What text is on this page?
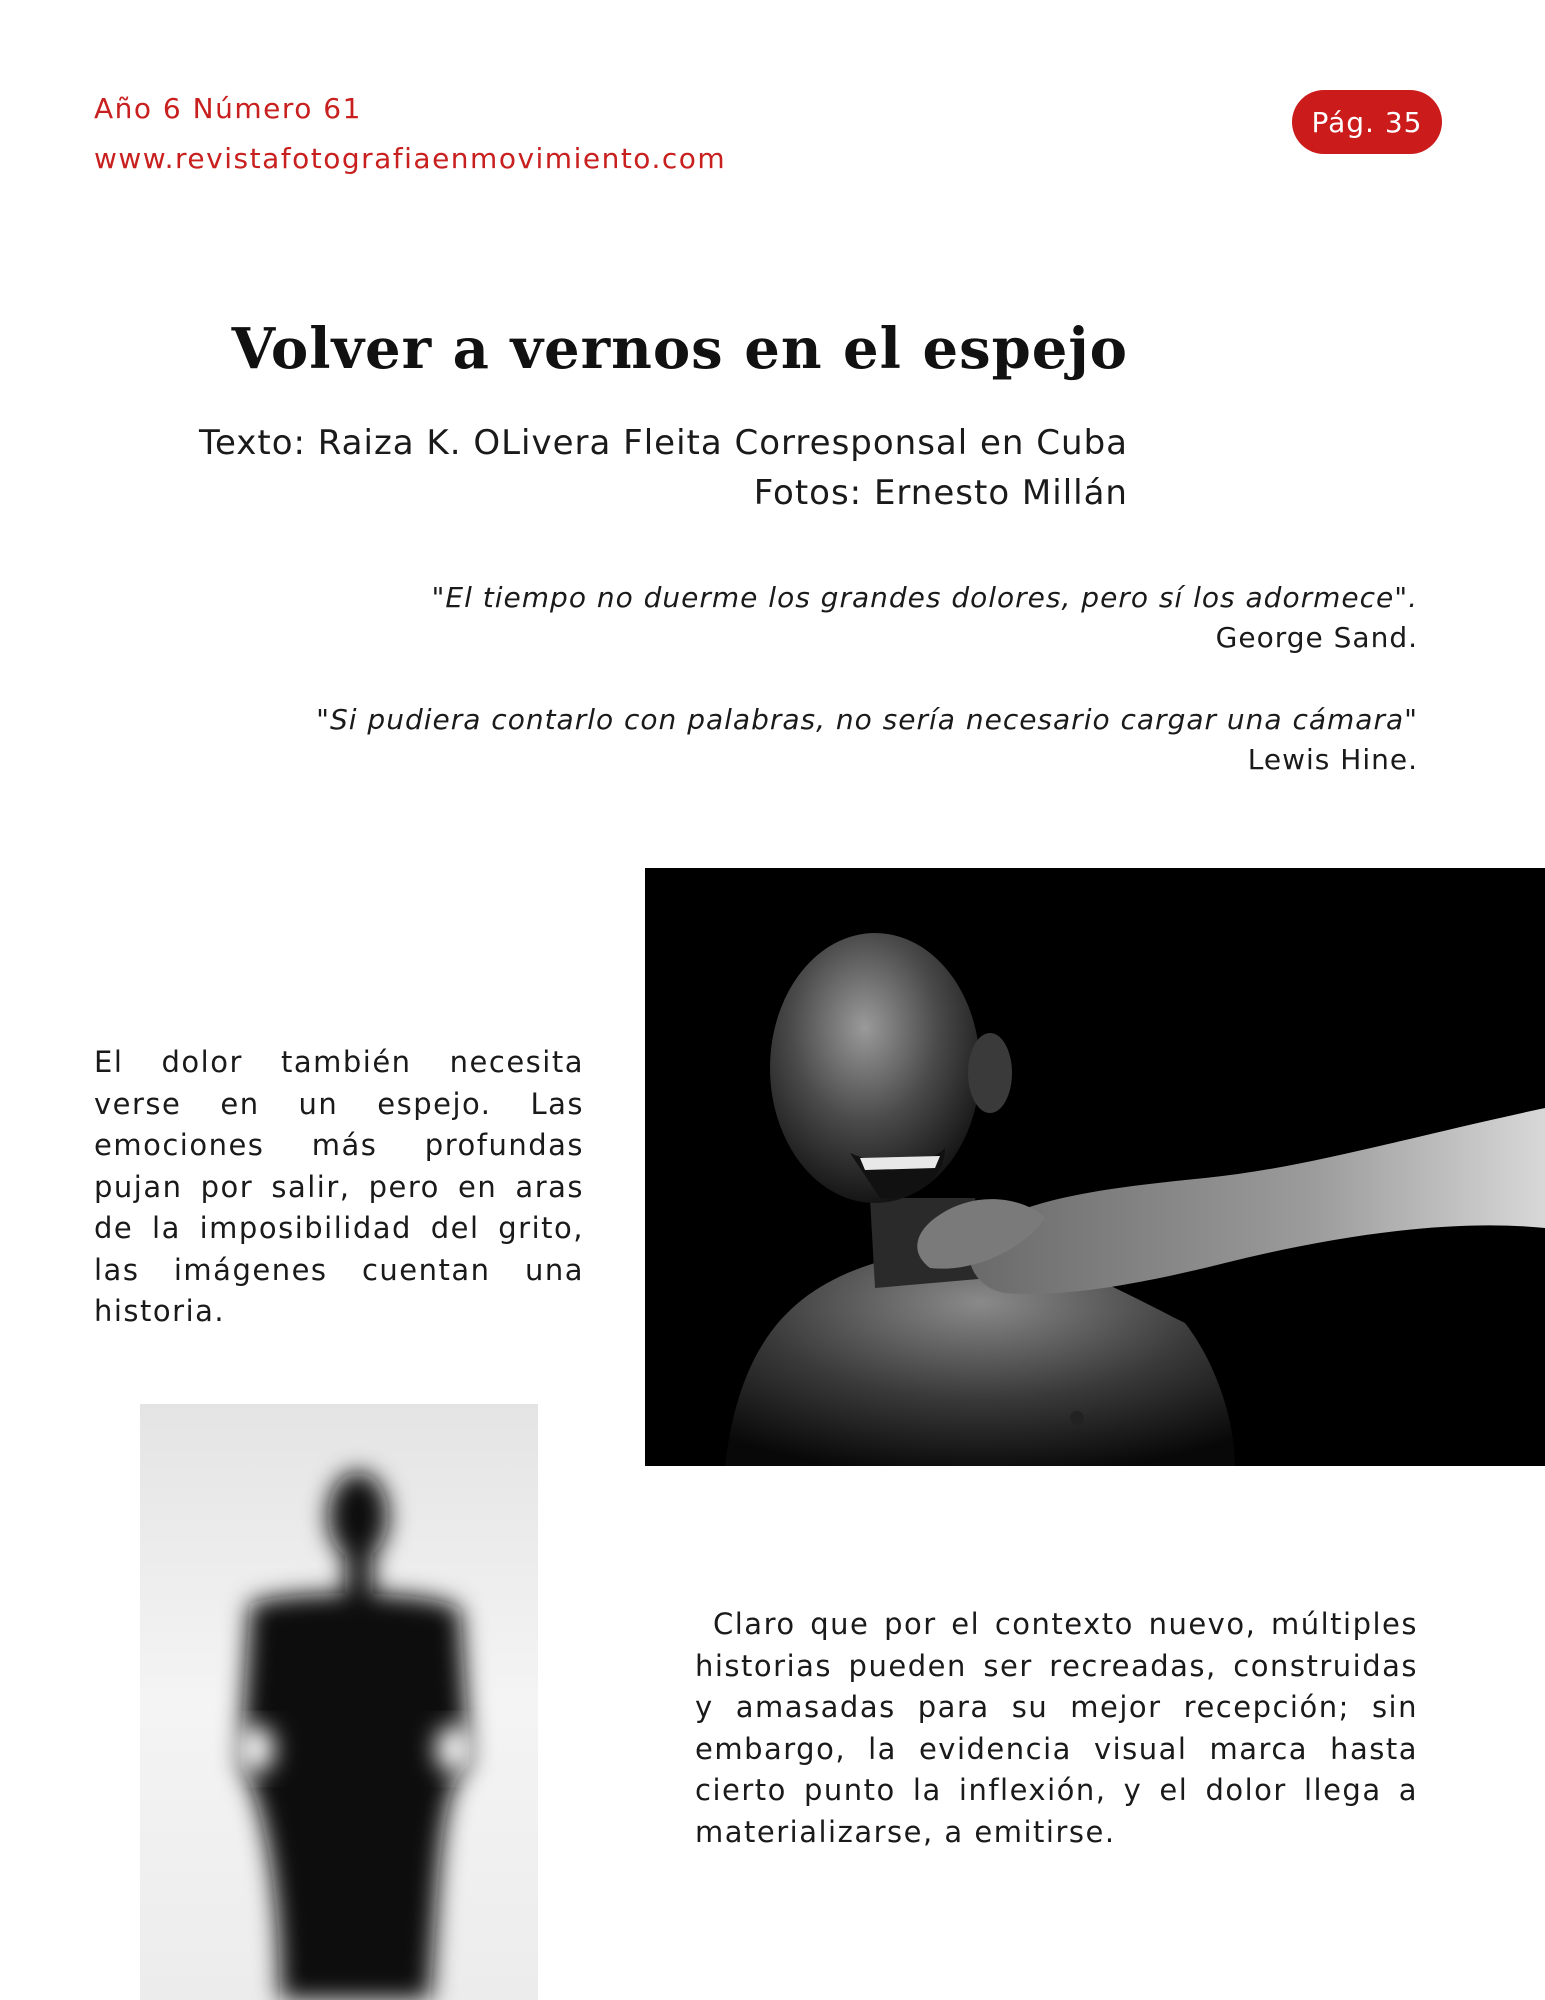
Año 6 Número 61
www.revistafotografiaenmovimiento.com
Pág. 35
Volver a vernos en el espejo
Texto: Raiza K. OLivera Fleita Corresponsal en Cuba
Fotos: Ernesto Millán
"El tiempo no duerme los grandes dolores, pero sí los adormece".
George Sand.
"Si pudiera contarlo con palabras, no sería necesario cargar una cámara"
Lewis Hine.

El dolor también necesita verse en un espejo. Las emociones más profundas pujan por salir, pero en aras de la imposibilidad del grito, las imágenes cuentan una historia.

Claro que por el contexto nuevo, múltiples historias pueden ser recreadas, construidas y amasadas para su mejor recepción; sin embargo, la evidencia visual marca hasta cierto punto la inflexión, y el dolor llega a materializarse, a emitirse.
